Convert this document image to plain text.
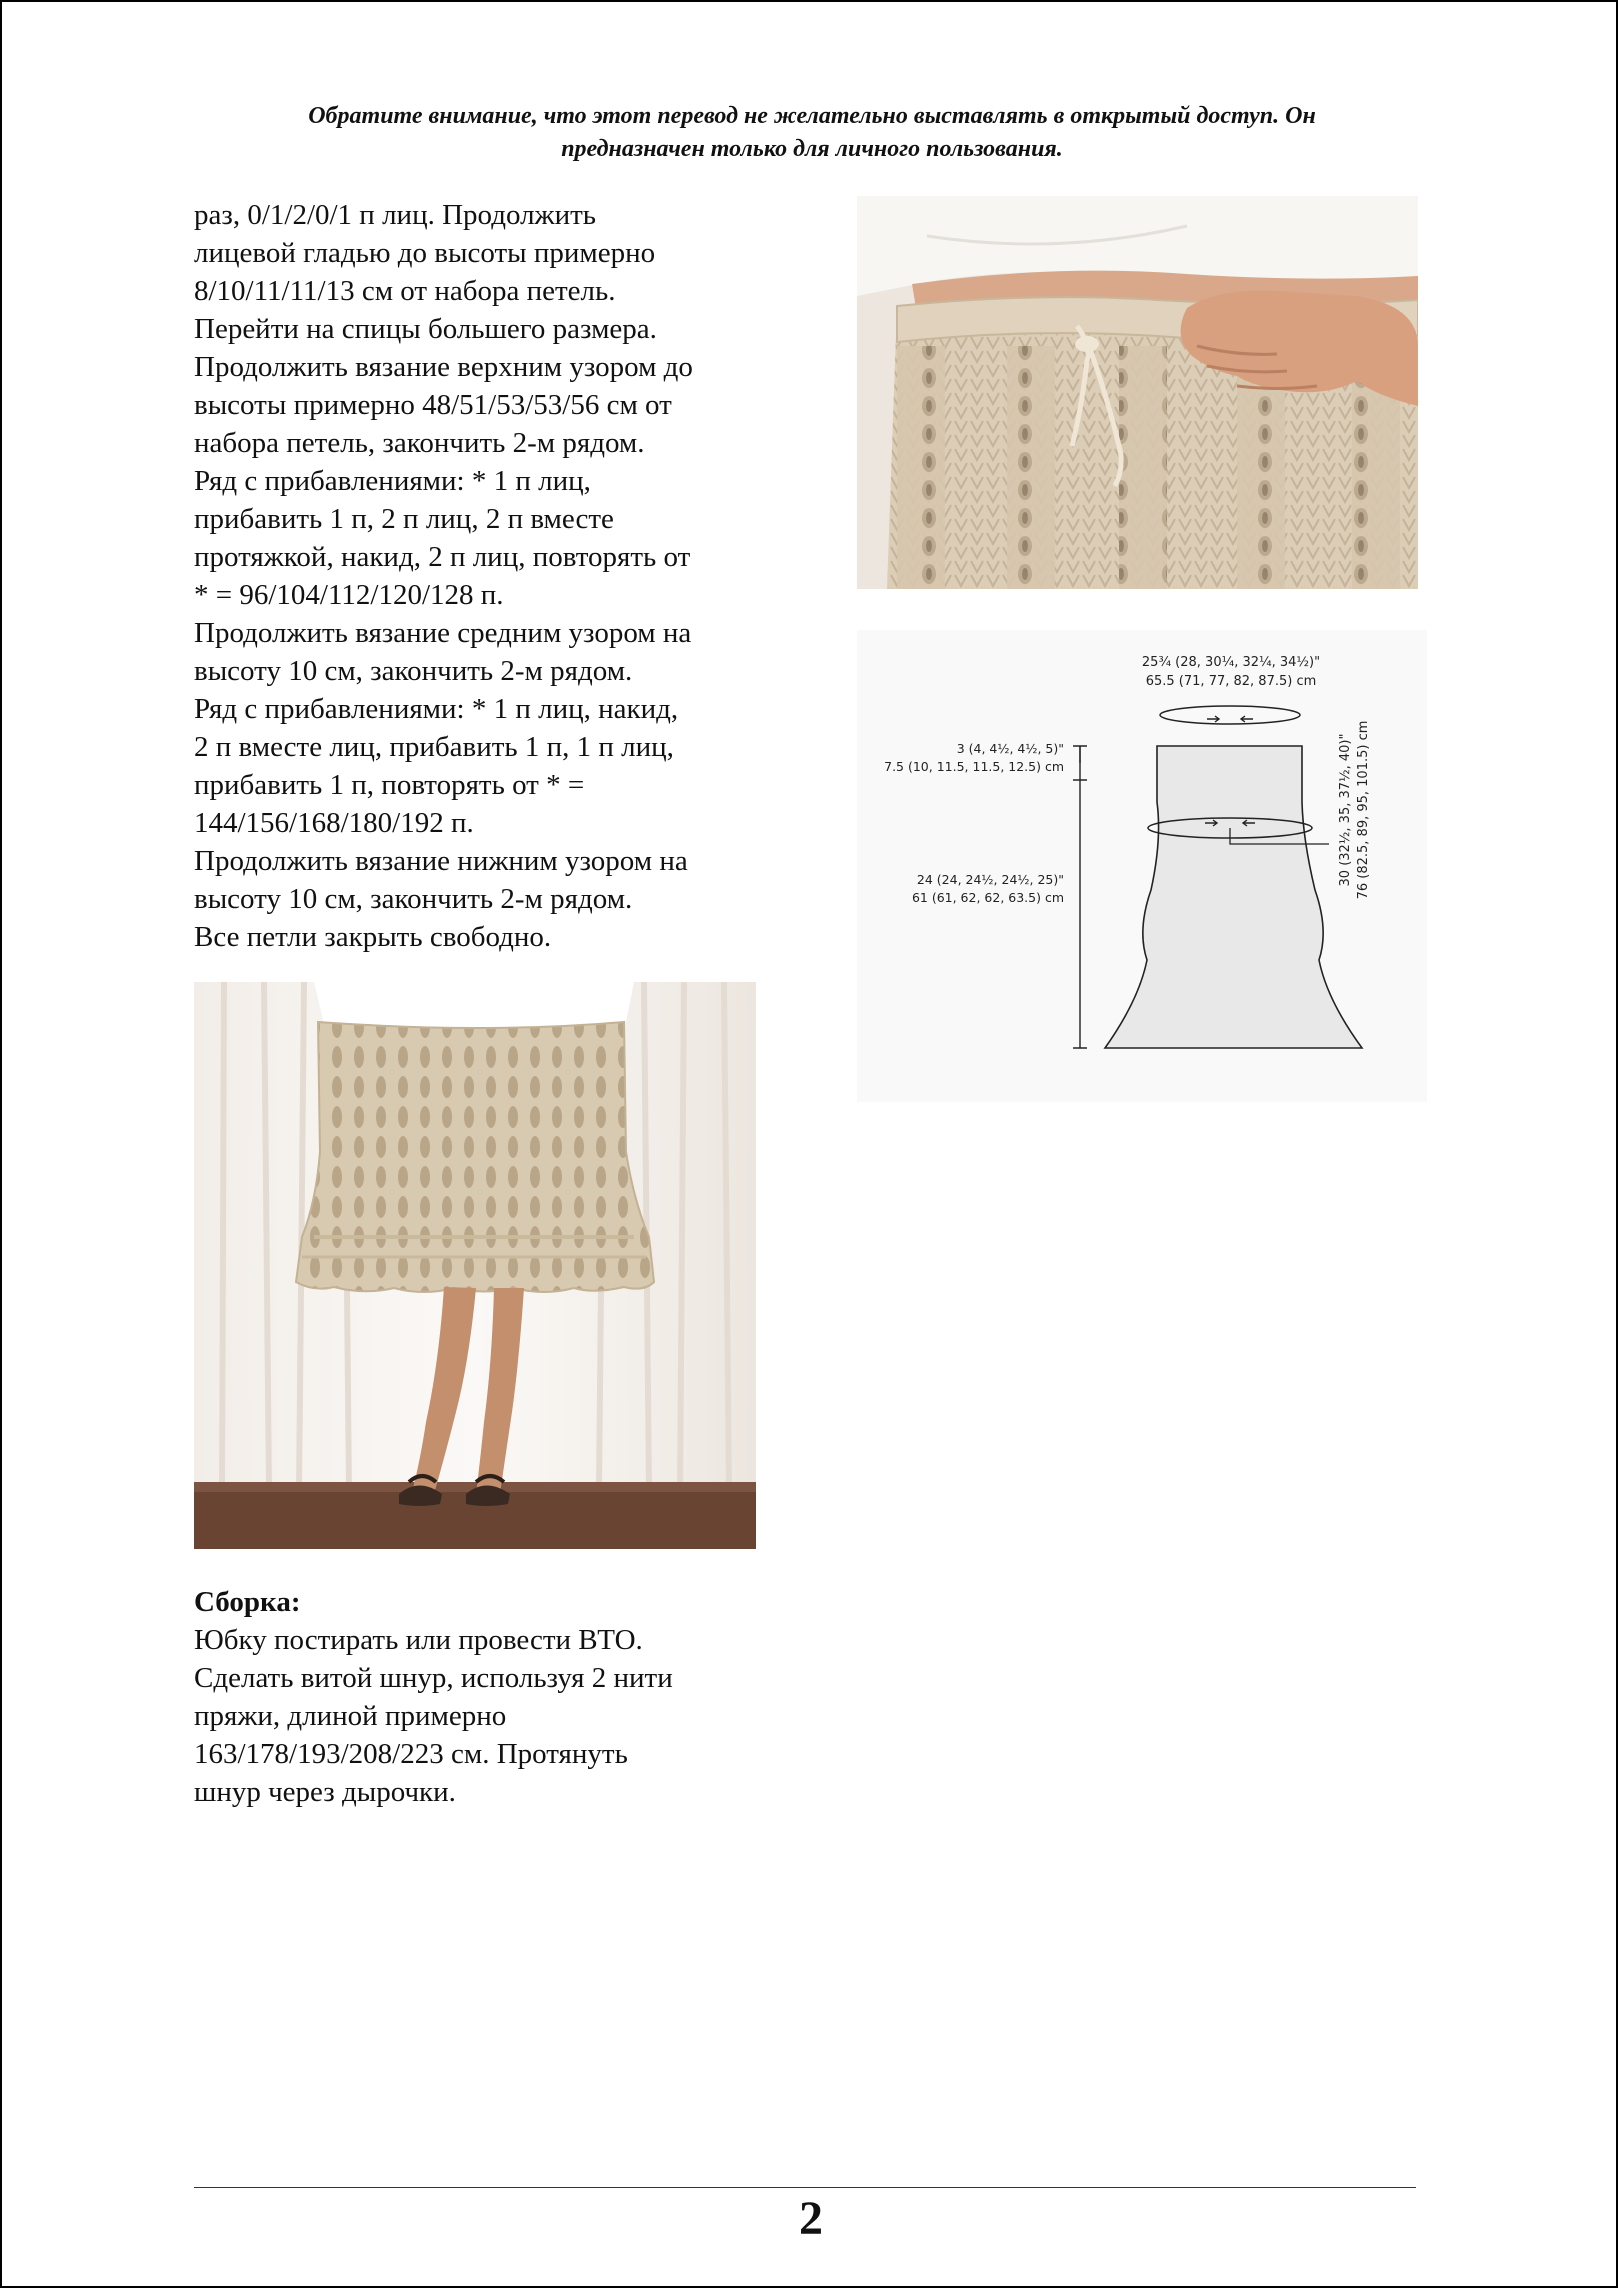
Обратите внимание, что этот перевод не желательно выставлять в открытый доступ. Он
предназначен только для личного пользования.

раз, 0/1/2/0/1 п лиц. Продолжить

лицевой гладью до высоты примерно

8/10/11/11/13 см от набора петель.

Перейти на спицы большего размера.

Продолжить вязание верхним узором до

высоты примерно 48/51/53/53/56 см от

набора петель, закончить 2-м рядом.

Ряд с прибавлениями: * 1 п лиц,

прибавить 1 п, 2 п лиц, 2 п вместе

протяжкой, накид, 2 п лиц, повторять от

* = 96/104/112/120/128 п.

Продолжить вязание средним узором на

высоту 10 см, закончить 2-м рядом.

Ряд с прибавлениями: * 1 п лиц, накид,

2 п вместе лиц, прибавить 1 п, 1 п лиц,

прибавить 1 п, повторять от * =

144/156/168/180/192 п.

Продолжить вязание нижним узором на

высоту 10 см, закончить 2-м рядом.

Все петли закрыть свободно.

25¾ (28, 30¼, 32¼, 34½)"
65.5 (71, 77, 82, 87.5) cm
3 (4, 4½, 4½, 5)"
7.5 (10, 11.5, 11.5, 12.5) cm
24 (24, 24½, 24½, 25)"
61 (61, 62, 62, 63.5) cm
30 (32½, 35, 37½, 40)" 76 (82.5, 89, 95, 101.5) cm

Сборка:

Юбку постирать или провести ВТО.

Сделать витой шнур, используя 2 нити

пряжи, длиной примерно

163/178/193/208/223 см. Протянуть

шнур через дырочки.

2
